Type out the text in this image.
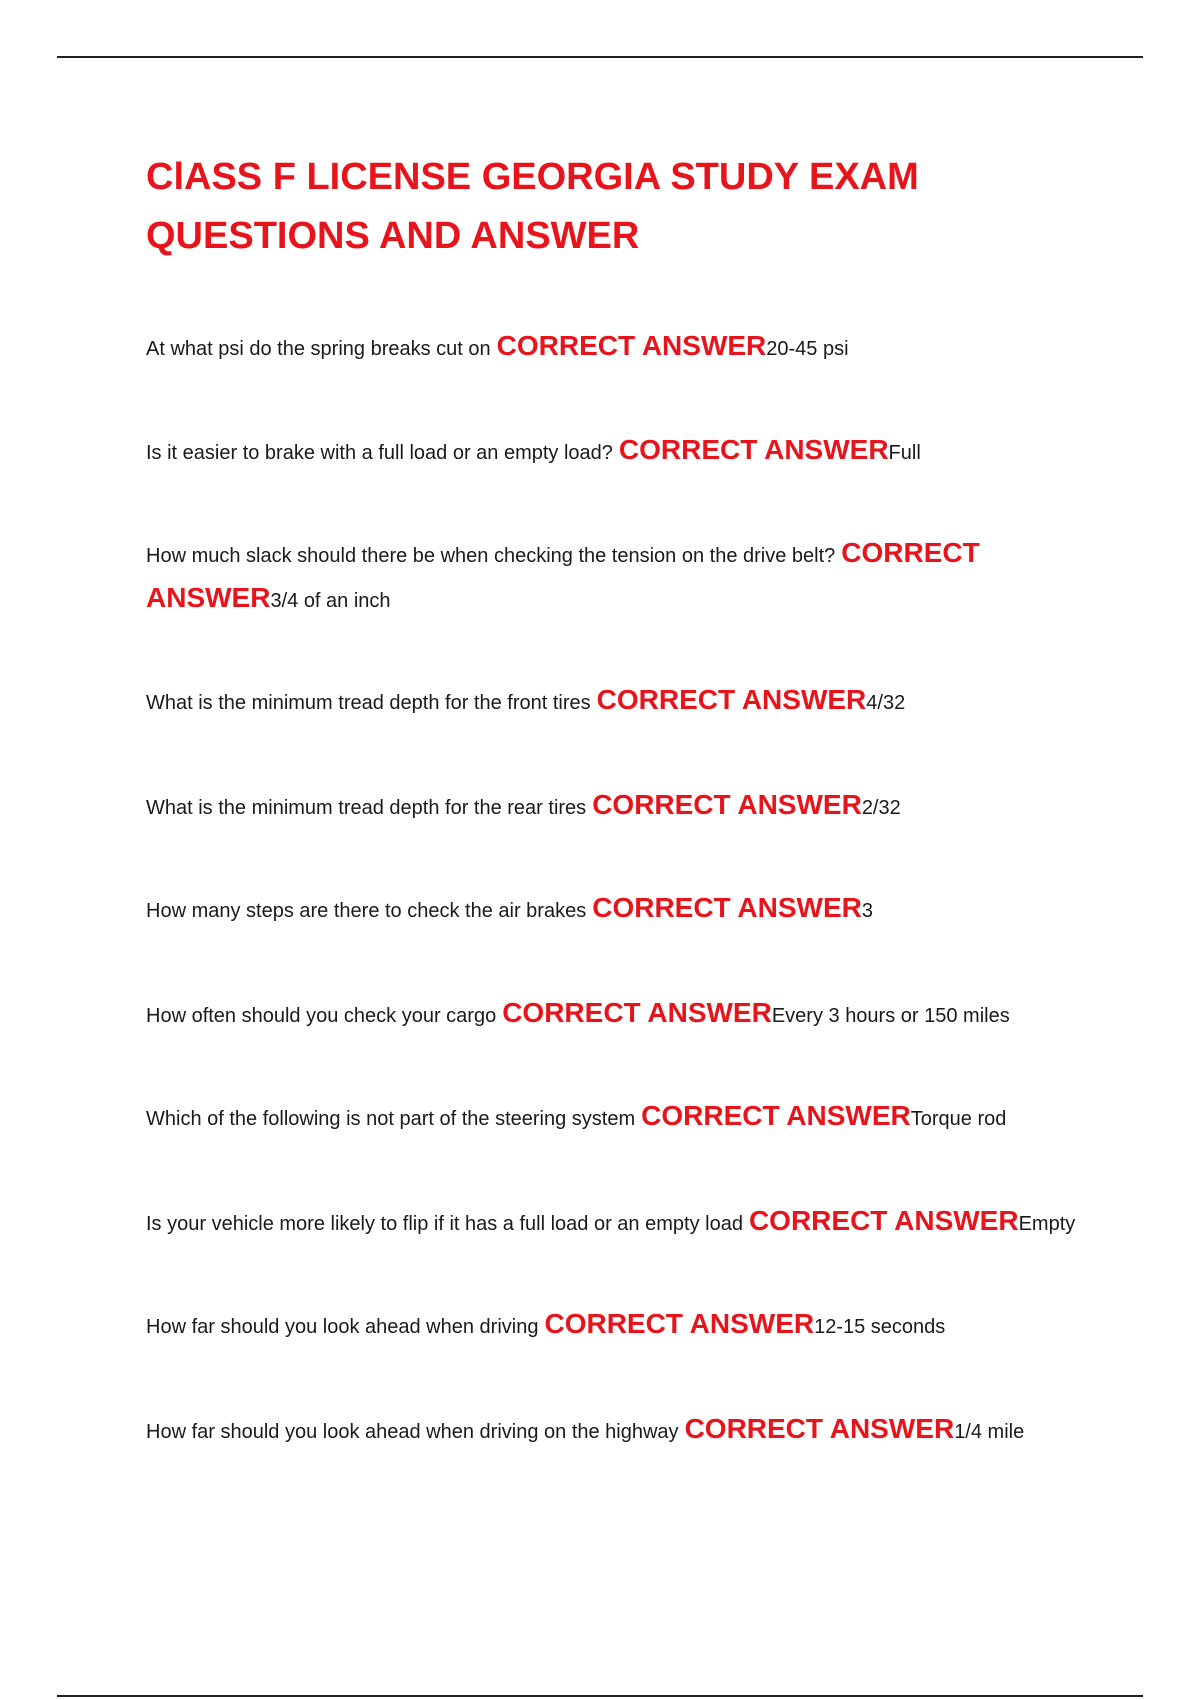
ClASS F LICENSE GEORGIA STUDY EXAM QUESTIONS AND ANSWER
At what psi do the spring breaks cut on CORRECT ANSWER20-45 psi
Is it easier to brake with a full load or an empty load? CORRECT ANSWERFull
How much slack should there be when checking the tension on the drive belt? CORRECT ANSWER3/4 of an inch
What is the minimum tread depth for the front tires CORRECT ANSWER4/32
What is the minimum tread depth for the rear tires CORRECT ANSWER2/32
How many steps are there to check the air brakes CORRECT ANSWER3
How often should you check your cargo CORRECT ANSWEREvery 3 hours or 150 miles
Which of the following is not part of the steering system CORRECT ANSWERTorque rod
Is your vehicle more likely to flip if it has a full load or an empty load CORRECT ANSWEREmpty
How far should you look ahead when driving CORRECT ANSWER12-15 seconds
How far should you look ahead when driving on the highway CORRECT ANSWER1/4 mile
